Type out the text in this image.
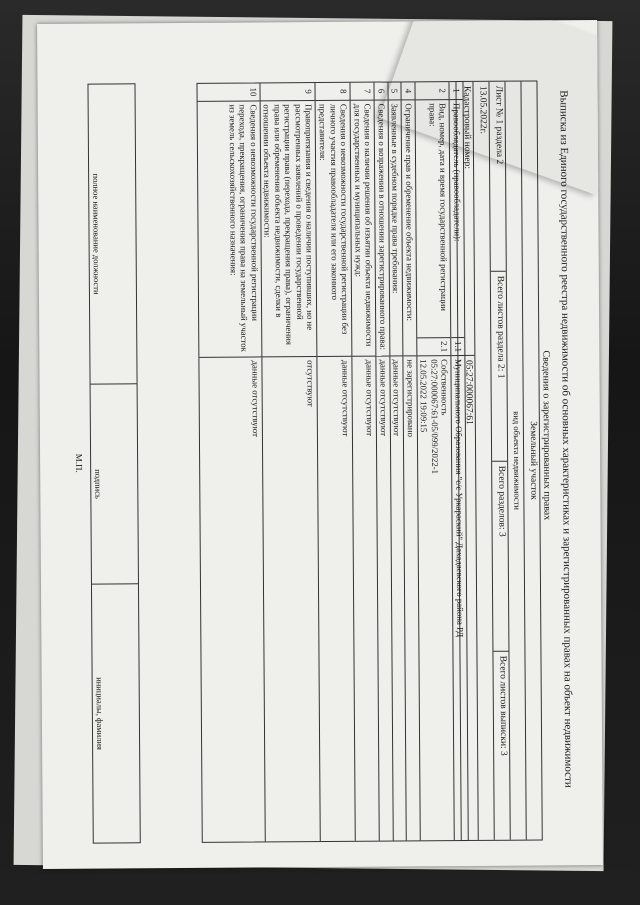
Выписка из Единого государственного реестра недвижимости об основных характеристиках и зарегистрированных правах на объект недвижимости
Сведения о зарегистрированных правах
Земельный участок
вид объекта недвижимости
Лист № 1 раздела 2
Всего листов раздела 2: 1
Всего разделов: 3
Всего листов выписки: 3
13.05.2022г.
Кадастровый номер:
05:27:000067:61
1
Правообладатель (правообладатели):
1.1
Муниципального Образования "с/с Уркараский" Дахадаевского района РД
2
Вид, номер, дата и время государственной регистрации права:
2.1
Собственность
05:27:000067:61-05/099/2022-1
12.05.2022 19:09:15
4
Ограничение прав и обременение объекта недвижимости:
не зарегистрировано
5
Заявленные в судебном порядке права требования:
данные отсутствуют
6
Сведения о возражении в отношении зарегистрированного права:
данные отсутствуют
7
Сведения о наличии решения об изъятии объекта недвижимости для государственных и муниципальных нужд:
данные отсутствуют
8
Сведения о невозможности государственной регистрации без личного участия правообладателя или его законного представителя:
данные отсутствуют
9
Правопритязания и сведения о наличии поступивших, но не рассмотренных заявлений о проведении государственной регистрации права (перехода, прекращения права), ограничения права или обременения объекта недвижимости, сделки в отношении объекта недвижимости:
отсутствуют
10
Сведения о невозможности государственной регистрации перехода, прекращения, ограничения права на земельный участок из земель сельскохозяйственного назначения:
данные отсутствуют
полное наименование должности
подпись
инициалы, фамилия
М.П.
